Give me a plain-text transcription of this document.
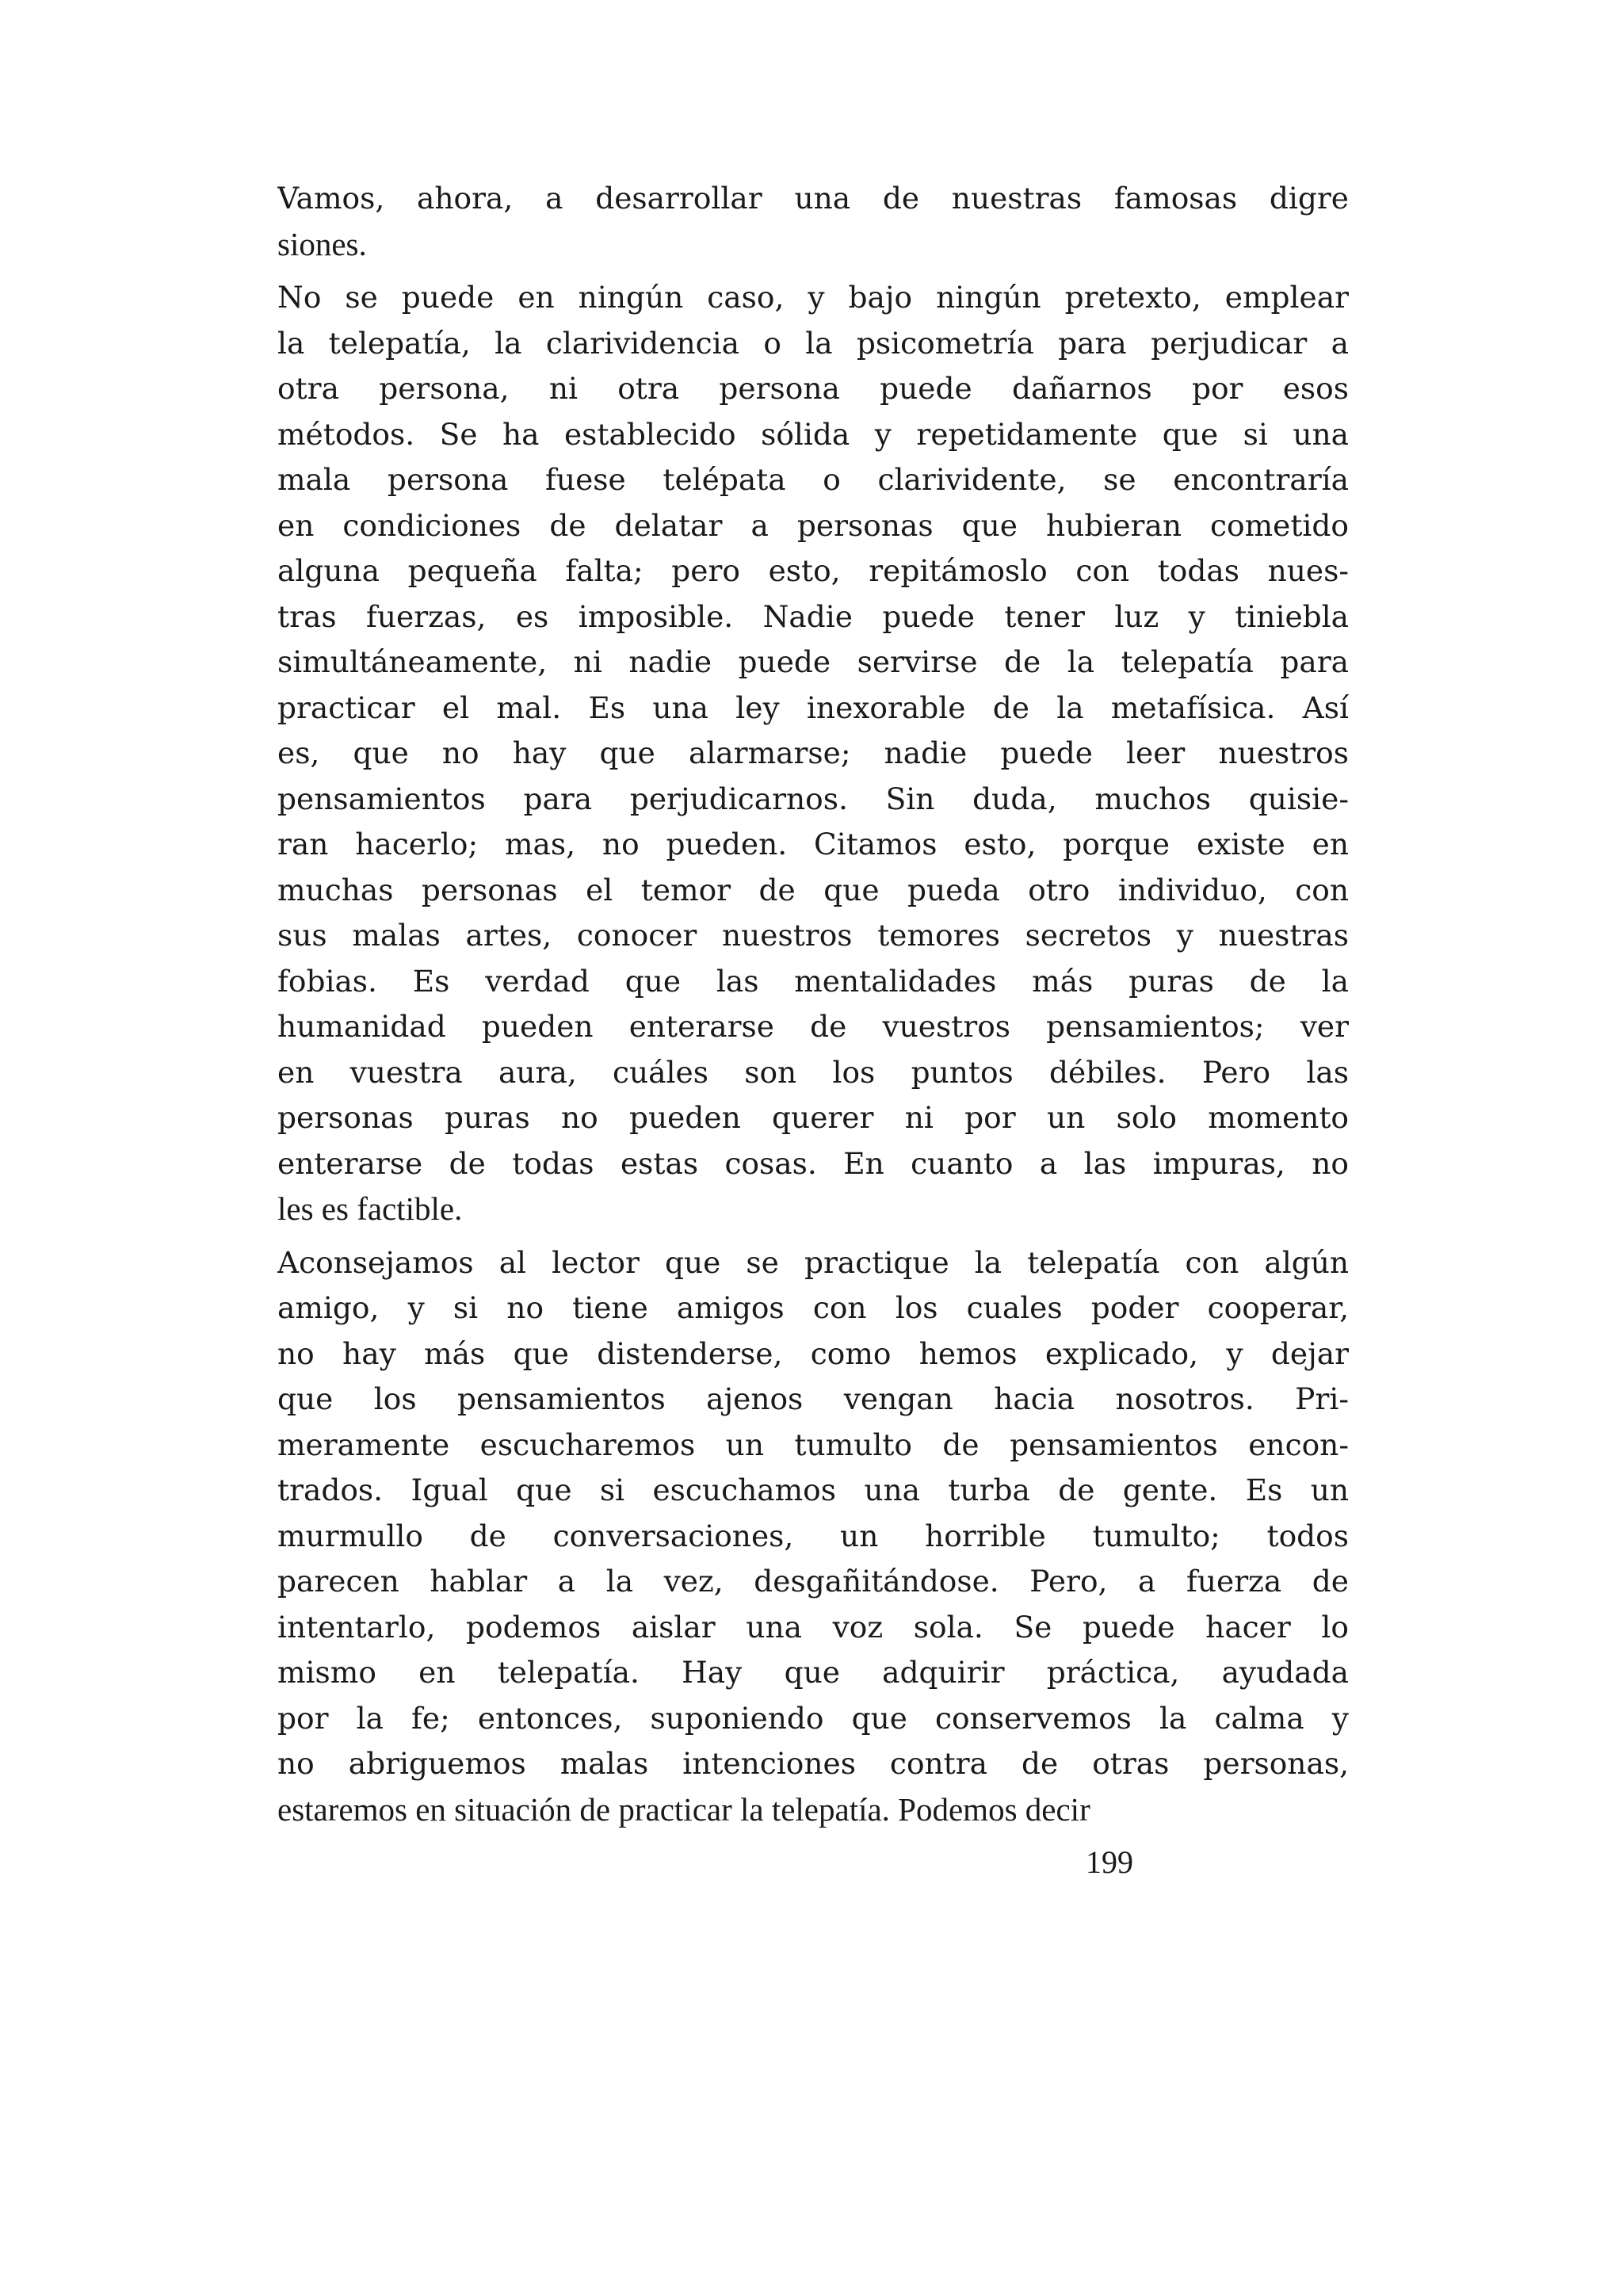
Vamos, ahora, a desarrollar una de nuestras famosas digre
siones.
No se puede en ningún caso, y bajo ningún pretexto, emplear
la telepatía, la clarividencia o la psicometría para perjudicar a
otra persona, ni otra persona puede dañarnos por esos
métodos. Se ha establecido sólida y repetidamente que si una
mala persona fuese telépata o clarividente, se encontraría
en condiciones de delatar a personas que hubieran cometido
alguna pequeña falta; pero esto, repitámoslo con todas nues-
tras fuerzas, es imposible. Nadie puede tener luz y tiniebla
simultáneamente, ni nadie puede servirse de la telepatía para
practicar el mal. Es una ley inexorable de la metafísica. Así
es, que no hay que alarmarse; nadie puede leer nuestros
pensamientos para perjudicarnos. Sin duda, muchos quisie-
ran hacerlo; mas, no pueden. Citamos esto, porque existe en
muchas personas el temor de que pueda otro individuo, con
sus malas artes, conocer nuestros temores secretos y nuestras
fobias. Es verdad que las mentalidades más puras de la
humanidad pueden enterarse de vuestros pensamientos; ver
en vuestra aura, cuáles son los puntos débiles. Pero las
personas puras no pueden querer ni por un solo momento
enterarse de todas estas cosas. En cuanto a las impuras, no
les es factible.
Aconsejamos al lector que se practique la telepatía con algún
amigo, y si no tiene amigos con los cuales poder cooperar,
no hay más que distenderse, como hemos explicado, y dejar
que los pensamientos ajenos vengan hacia nosotros. Pri-
meramente escucharemos un tumulto de pensamientos encon-
trados. Igual que si escuchamos una turba de gente. Es un
murmullo de conversaciones, un horrible tumulto; todos
parecen hablar a la vez, desgañitándose. Pero, a fuerza de
intentarlo, podemos aislar una voz sola. Se puede hacer lo
mismo en telepatía. Hay que adquirir práctica, ayudada
por la fe; entonces, suponiendo que conservemos la calma y
no abriguemos malas intenciones contra de otras personas,
estaremos en situación de practicar la telepatía. Podemos decir
199
